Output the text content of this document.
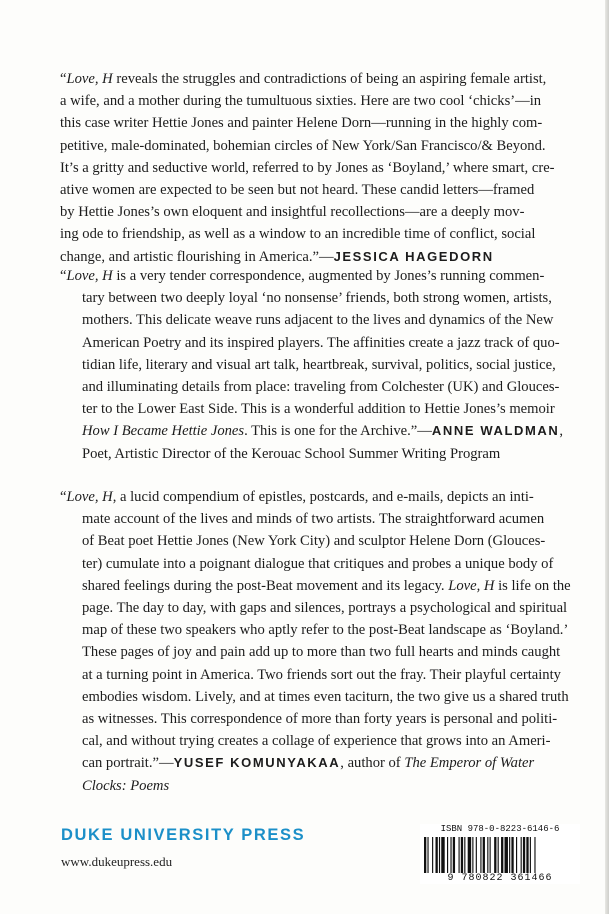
“Love, H reveals the struggles and contradictions of being an aspiring female artist,
a wife, and a mother during the tumultuous sixties. Here are two cool ‘chicks’—in
this case writer Hettie Jones and painter Helene Dorn—running in the highly com-
petitive, male-dominated, bohemian circles of New York/San Francisco/& Beyond.
It’s a gritty and seductive world, referred to by Jones as ‘Boyland,’ where smart, cre-
ative women are expected to be seen but not heard. These candid letters—framed
by Hettie Jones’s own eloquent and insightful recollections—are a deeply mov-
ing ode to friendship, as well as a window to an incredible time of conflict, social
change, and artistic flourishing in America.”—JESSICA HAGEDORN

“Love, H is a very tender correspondence, augmented by Jones’s running commen-
tary between two deeply loyal ‘no nonsense’ friends, both strong women, artists,
mothers. This delicate weave runs adjacent to the lives and dynamics of the New
American Poetry and its inspired players. The affinities create a jazz track of quo-
tidian life, literary and visual art talk, heartbreak, survival, politics, social justice,
and illuminating details from place: traveling from Colchester (UK) and Glouces-
ter to the Lower East Side. This is a wonderful addition to Hettie Jones’s memoir
How I Became Hettie Jones. This is one for the Archive.”—ANNE WALDMAN,
Poet, Artistic Director of the Kerouac School Summer Writing Program

“Love, H, a lucid compendium of epistles, postcards, and e-mails, depicts an inti-
mate account of the lives and minds of two artists. The straightforward acumen
of Beat poet Hettie Jones (New York City) and sculptor Helene Dorn (Glouces-
ter) cumulate into a poignant dialogue that critiques and probes a unique body of
shared feelings during the post-Beat movement and its legacy. Love, H is life on the
page. The day to day, with gaps and silences, portrays a psychological and spiritual
map of these two speakers who aptly refer to the post-Beat landscape as ‘Boyland.’
These pages of joy and pain add up to more than two full hearts and minds caught
at a turning point in America. Two friends sort out the fray. Their playful certainty
embodies wisdom. Lively, and at times even taciturn, the two give us a shared truth
as witnesses. This correspondence of more than forty years is personal and politi-
cal, and without trying creates a collage of experience that grows into an Ameri-
can portrait.”—YUSEF KOMUNYAKAA, author of The Emperor of Water
Clocks: Poems

DUKE UNIVERSITY PRESS
www.dukeupress.edu
ISBN 978-0-8223-6146-6
9 780822 361466
